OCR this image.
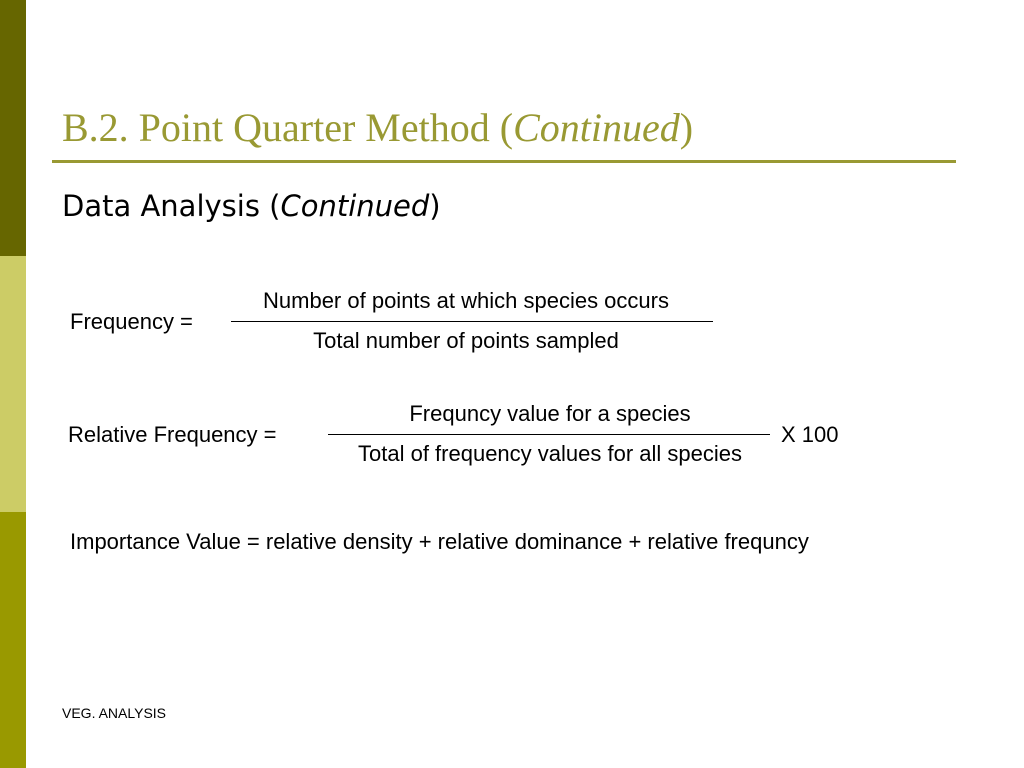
B.2. Point Quarter Method (Continued)
Data Analysis (Continued)
Frequency =
Number of points at which species occurs
Total number of points sampled
Relative Frequency =
Frequncy value for a species
Total of frequency values for all species
X 100
Importance Value = relative density + relative dominance + relative frequncy
VEG. ANALYSIS
